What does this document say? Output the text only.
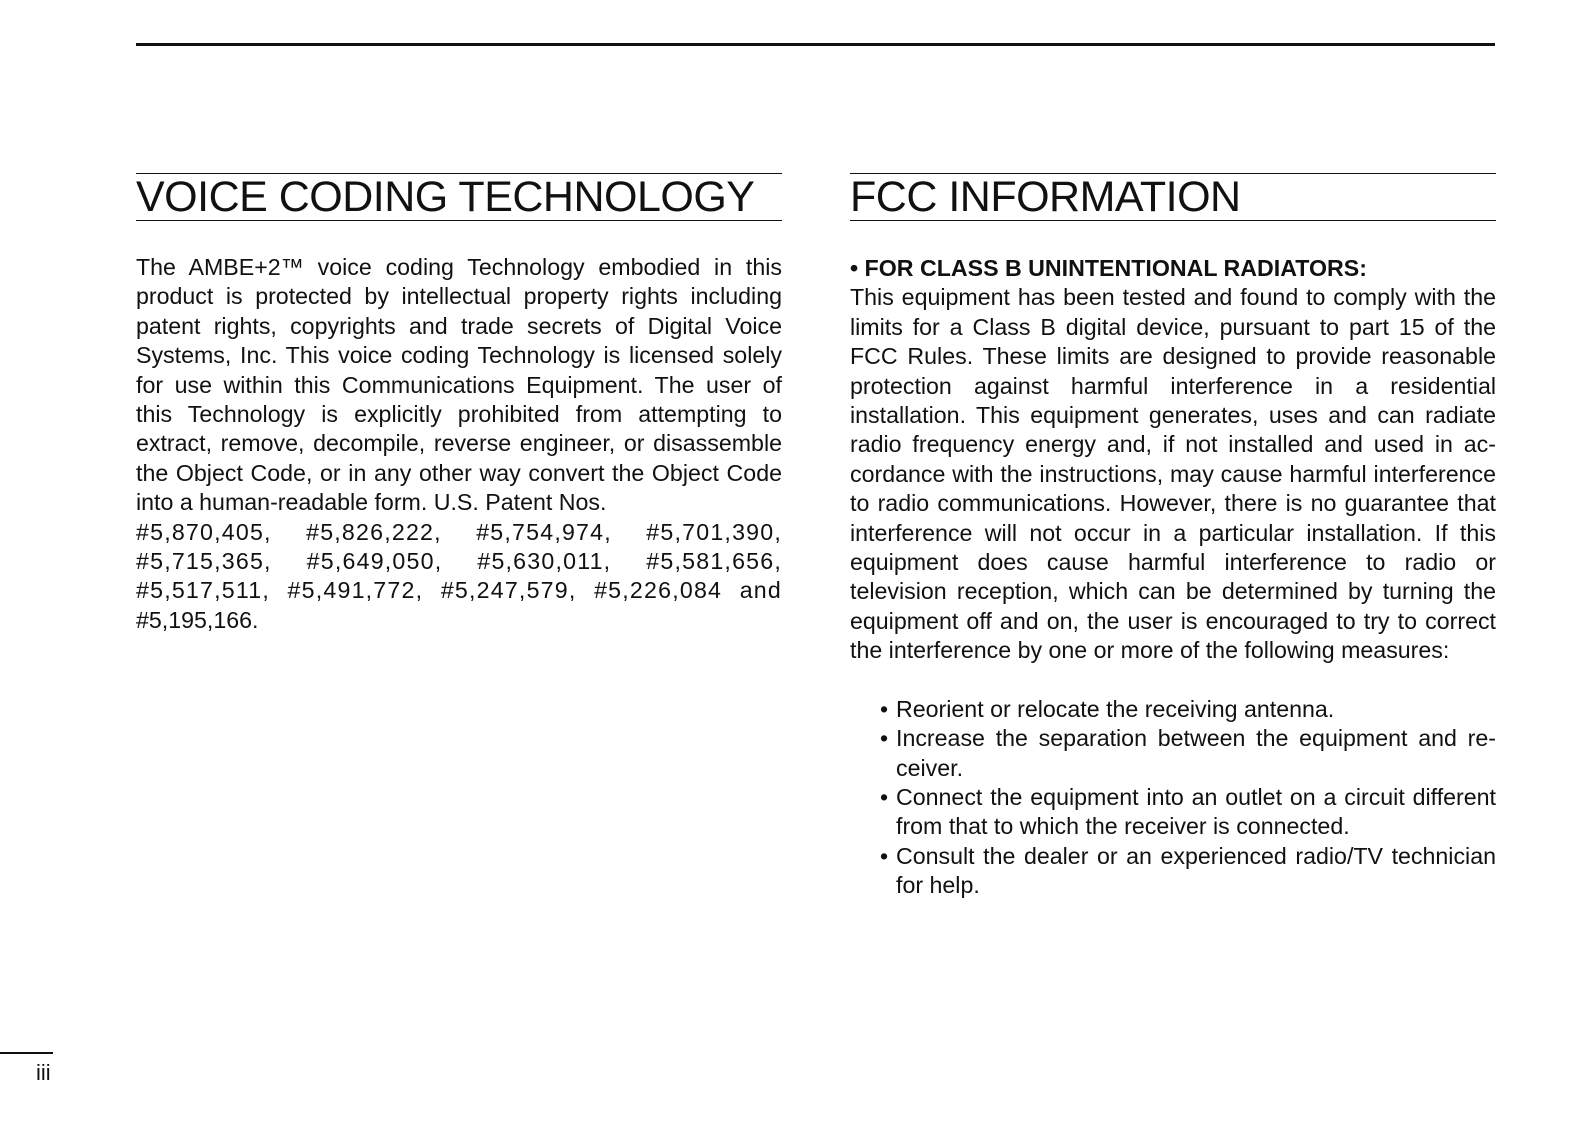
VOICE CODING TECHNOLOGY
The AMBE+2™ voice coding Technology embodied in this product is protected by intellectual property rights including patent rights, copyrights and trade secrets of Digital Voice Systems, Inc. This voice coding Technology is licensed solely for use within this Communications Equipment. The user of this Technology is explicitly prohibited from attempting to extract, remove, decompile, reverse engineer, or disassemble the Object Code, or in any other way convert the Object Code into a human-readable form. U.S. Patent Nos.
#5,870,405, #5,826,222, #5,754,974, #5,701,390,
#5,715,365, #5,649,050, #5,630,011, #5,581,656,
#5,517,511, #5,491,772, #5,247,579, #5,226,084 and
#5,195,166.
FCC INFORMATION
• FOR CLASS B UNINTENTIONAL RADIATORS:
This equipment has been tested and found to comply with the limits for a Class B digital device, pursuant to part 15 of the FCC Rules. These limits are designed to provide reasonable protection against harmful interference in a residential installation. This equipment generates, uses and can radiate radio frequency energy and, if not installed and used in accordance with the instructions, may cause harmful interference to radio communications. However, there is no guarantee that interference will not occur in a particular installation. If this equipment does cause harmful interference to radio or television reception, which can be determined by turning the equipment off and on, the user is encouraged to try to correct the interference by one or more of the following measures:
• Reorient or relocate the receiving antenna.
• Increase the separation between the equipment and receiver.
• Connect the equipment into an outlet on a circuit different from that to which the receiver is connected.
• Consult the dealer or an experienced radio/TV technician for help.
iii
